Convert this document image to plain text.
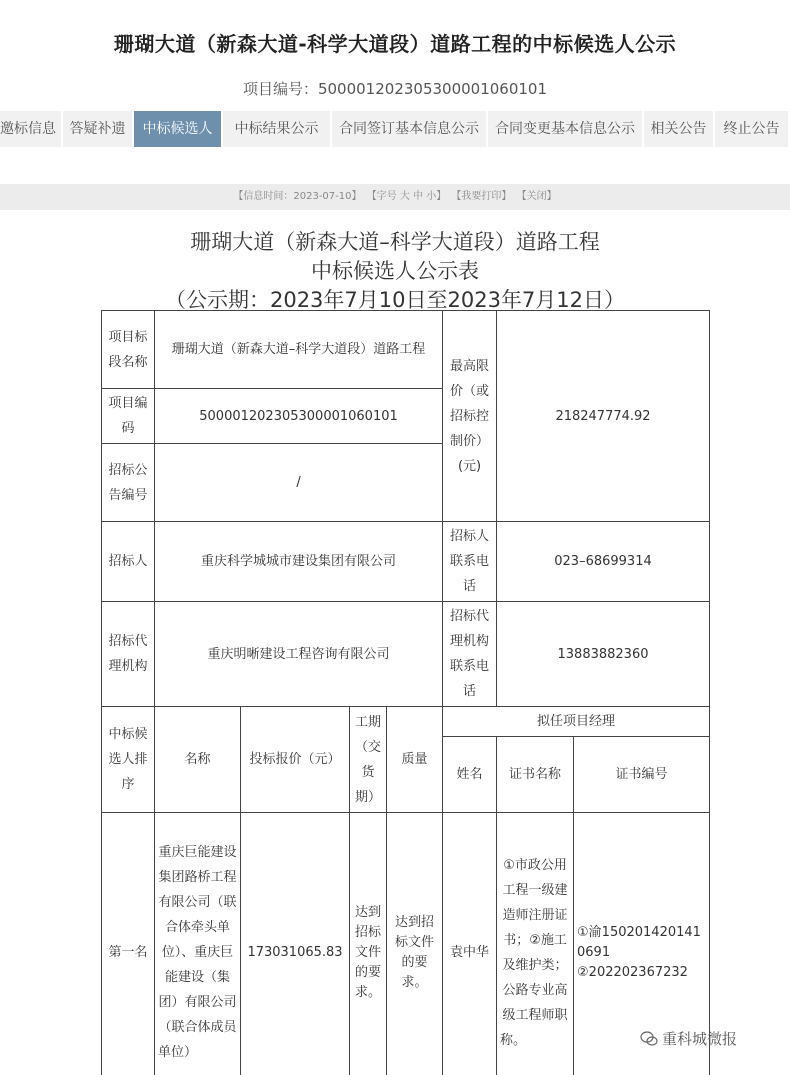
珊瑚大道（新森大道-科学大道段）道路工程的中标候选人公示
项目编号：500001202305300001060101
邀标信息 答疑补遗	中标候选人	中标结果公示	合同签订基本信息公示	合同变更基本信息公示	相关公告	终止公告
【信息时间：2023-07-10】 【字号 大 中 小】 【我要打印】 【关闭】
珊瑚大道（新森大道–科学大道段）道路工程
中标候选人公示表
（公示期：2023年7月10日至2023年7月12日）
项目标段名称	珊瑚大道（新森大道–科学大道段）道路工程				最高限价（或招标控制价）(元)	218247774.92	
项目编码	500001202305300001060101						
招标公告编号	/						
招标人	重庆科学城城市建设集团有限公司				招标人联系电话	023–68699314	
招标代理机构	重庆明晰建设工程咨询有限公司				招标代理机构联系电话	13883882360	
中标候选人排序	名称	投标报价（元）	工期（交货期）	质量	拟任项目经理		
					姓名	证书名称	证书编号
第一名	重庆巨能建设集团路桥工程有限公司（联合体牵头单位）、重庆巨能建设（集团）有限公司（联合体成员单位）	173031065.83	达到招标文件的要求。	达到招标文件的要求。	袁中华	①市政公用工程一级建造师注册证书；②施工及维护类；公路专业高级工程师职称。	①渝150201420141069​1
②202202367232
重科城微报
